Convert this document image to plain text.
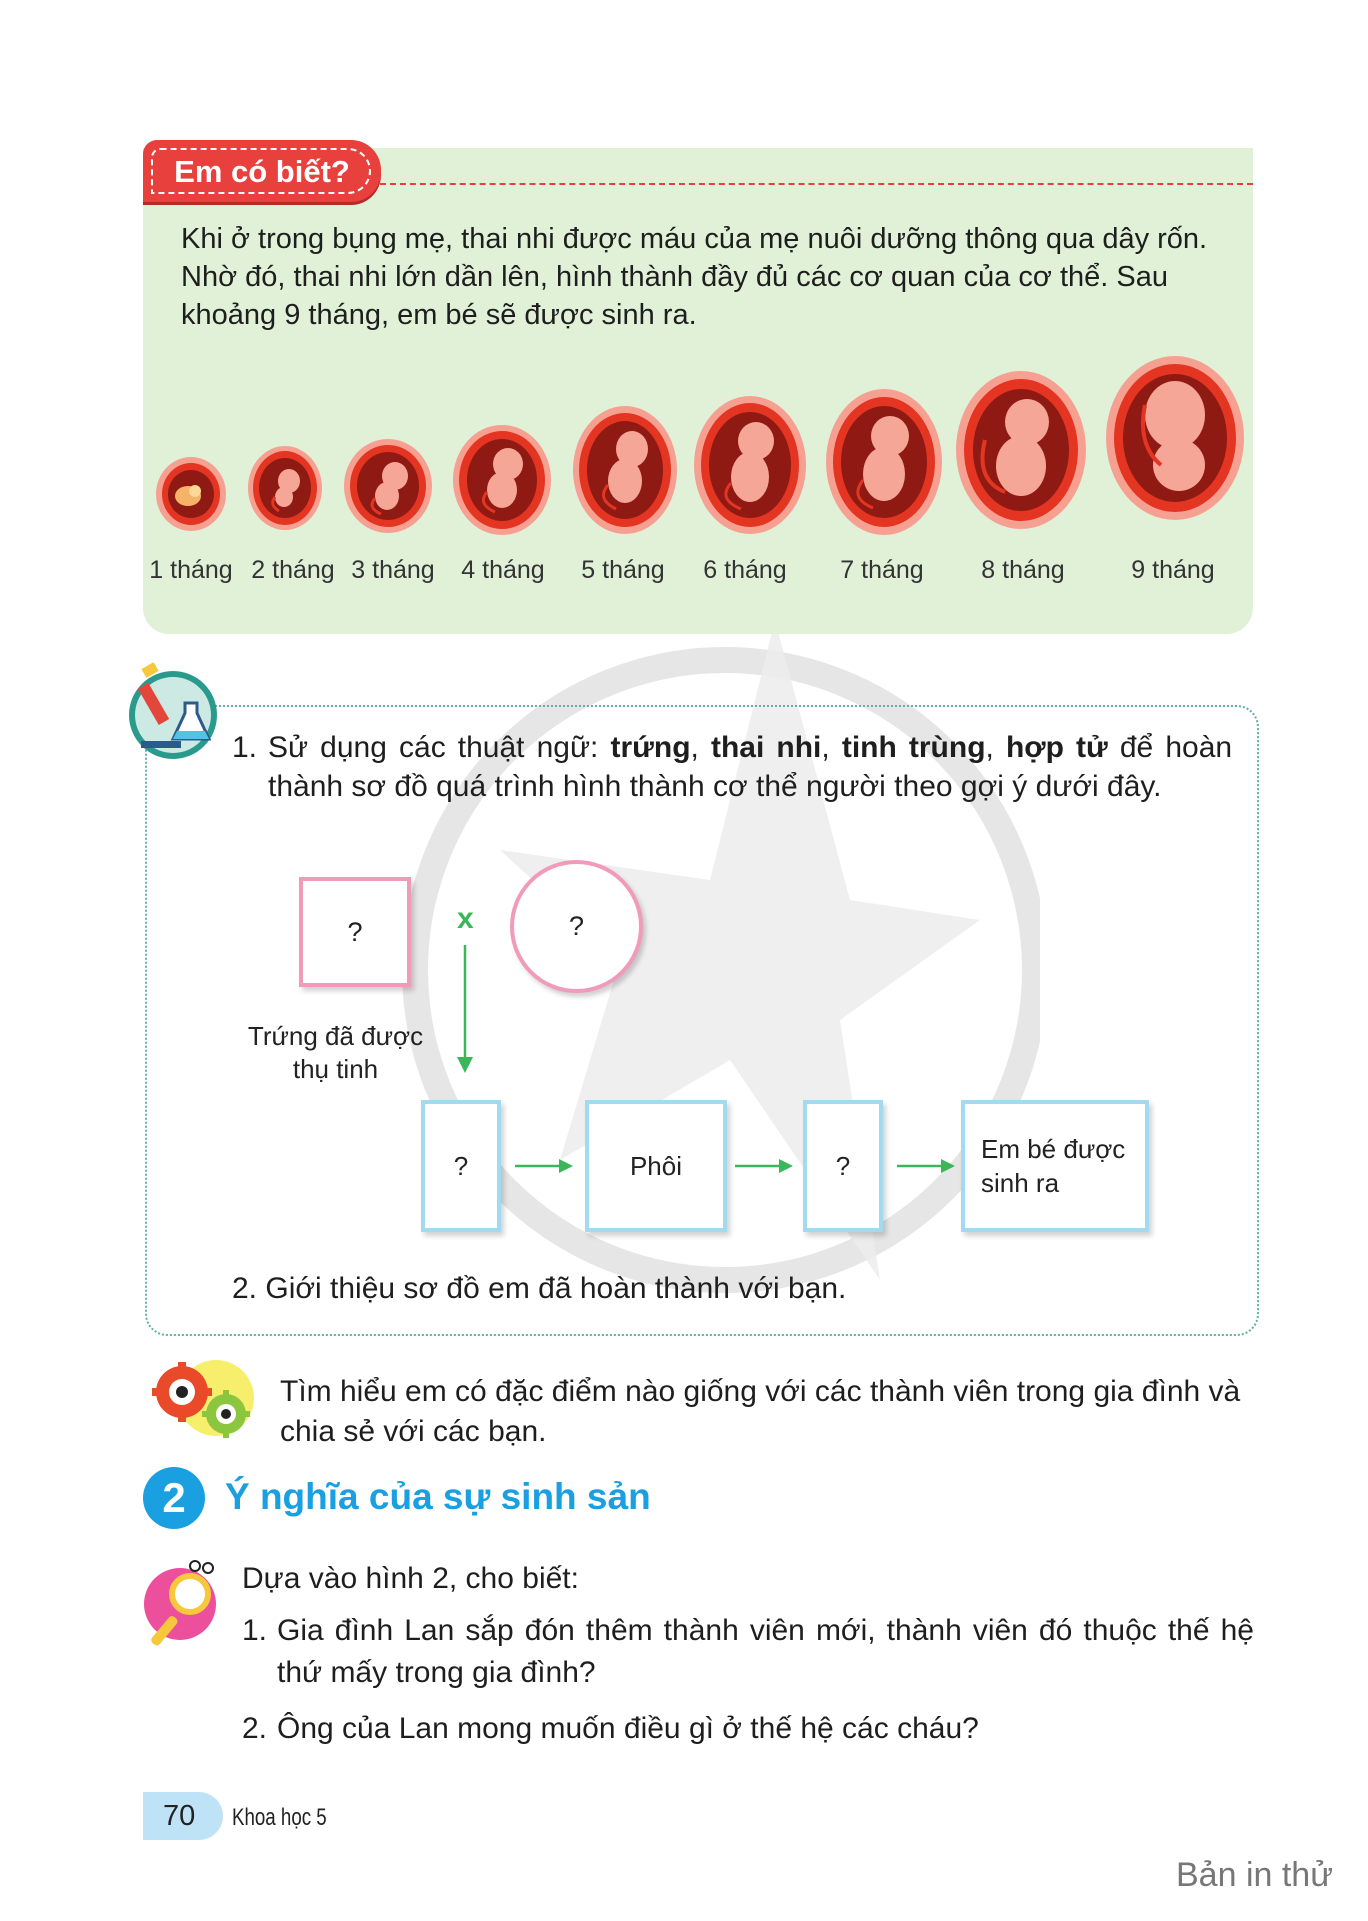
Em có biết?
Khi ở trong bụng mẹ, thai nhi được máu của mẹ nuôi dưỡng thông qua dây rốn. Nhờ đó, thai nhi lớn dần lên, hình thành đầy đủ các cơ quan của cơ thể. Sau khoảng 9 tháng, em bé sẽ được sinh ra.
1 tháng 2 tháng 3 tháng	4 tháng	5 tháng	6 tháng	7 tháng	8 tháng	9 tháng
1. Sử dụng các thuật ngữ: trứng, thai nhi, tinh trùng, hợp tử để hoàn thành sơ đồ quá trình hình thành cơ thể người theo gợi ý dưới đây.
?	x	?
Trứng đã được thụ tinh
?	Phôi	?
Em bé được sinh ra
2. Giới thiệu sơ đồ em đã hoàn thành với bạn.
Tìm hiểu em có đặc điểm nào giống với các thành viên trong gia đình và chia sẻ với các bạn.
2	Ý nghĩa của sự sinh sản
Dựa vào hình 2, cho biết:
1. Gia đình Lan sắp đón thêm thành viên mới, thành viên đó thuộc thế hệ thứ mấy trong gia đình?
2. Ông của Lan mong muốn điều gì ở thế hệ các cháu?
70 Khoa học 5
Bản in thử
